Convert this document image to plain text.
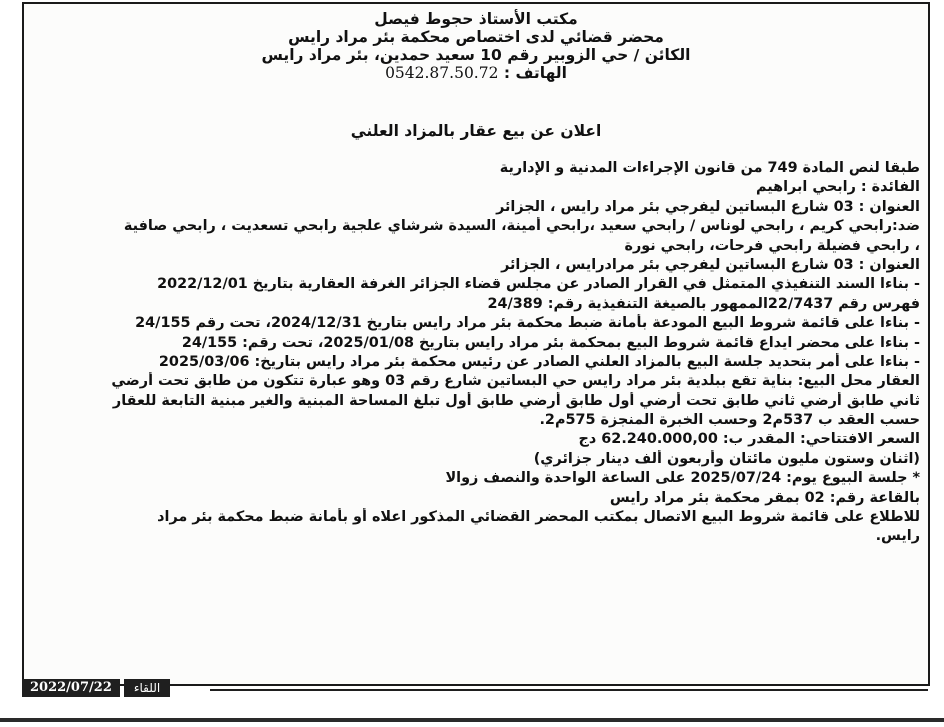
مكتب الأستاذ حجوط فيصل
محضر قضائي لدى اختصاص محكمة بئر مراد رايس
الكائن / حي الزوبير رقم 10 سعيد حمدين، بئر مراد رايس
الهاتف : 0542.87.50.72
اعلان عن بيع عقار بالمزاد العلني
طبقا لنص المادة 749 من قانون الإجراءات المدنية و الإدارية
الفائدة : رابحي ابراهيم
العنوان : 03 شارع البساتين ليفرجي بئر مراد رايس ، الجزائر
ضد:رابحي كريم ، رابحي لوناس / رابحي سعيد ،رابحي أمينة، السيدة شرشاي علجية رابحي تسعديت ، رابحي صافية
، رابحي فضيلة رابحي فرحات، رابحي نورة
العنوان : 03 شارع البساتين ليفرجي بئر مرادرايس ، الجزائر
- بناءا السند التنفيذي المتمثل في القرار الصادر عن مجلس قضاء الجزائر الغرفة العقارية بتاريخ 2022/12/01
فهرس رقم 22/7437الممهور بالصيغة التنفيذية رقم: 24/389
- بناءا على قائمة شروط البيع المودعة بأمانة ضبط محكمة بئر مراد رايس بتاريخ 2024/12/31، تحت رقم 24/155
- بناءا على محضر ايداع قائمة شروط البيع بمحكمة بئر مراد رايس بتاريخ 2025/01/08، تحت رقم: 24/155
- بناءا على أمر بتحديد جلسة البيع بالمزاد العلني الصادر عن رئيس محكمة بئر مراد رايس بتاريخ: 2025/03/06
العقار محل البيع: بناية تقع ببلدية بئر مراد رايس حي البساتين شارع رقم 03 وهو عبارة تتكون من طابق تحت أرضي
ثاني طابق أرضي ثاني طابق تحت أرضي أول طابق أرضي طابق أول تبلغ المساحة المبنية والغير مبنية التابعة للعقار
حسب العقد ب 537م2 وحسب الخبرة المنجزة 575م2.
السعر الافتتاحي: المقدر ب: 62.240.000,00 دج
(اثنان وستون مليون مائتان وأربعون ألف دينار جزائري)
* جلسة البيوع يوم: 2025/07/24 على الساعة الواحدة والنصف زوالا
بالقاعة رقم: 02 بمقر محكمة بئر مراد رايس
للاطلاع على قائمة شروط البيع الاتصال بمكتب المحضر القضائي المذكور اعلاه أو بأمانة ضبط محكمة بئر مراد
رايس.
2022/07/22	اللقاء
